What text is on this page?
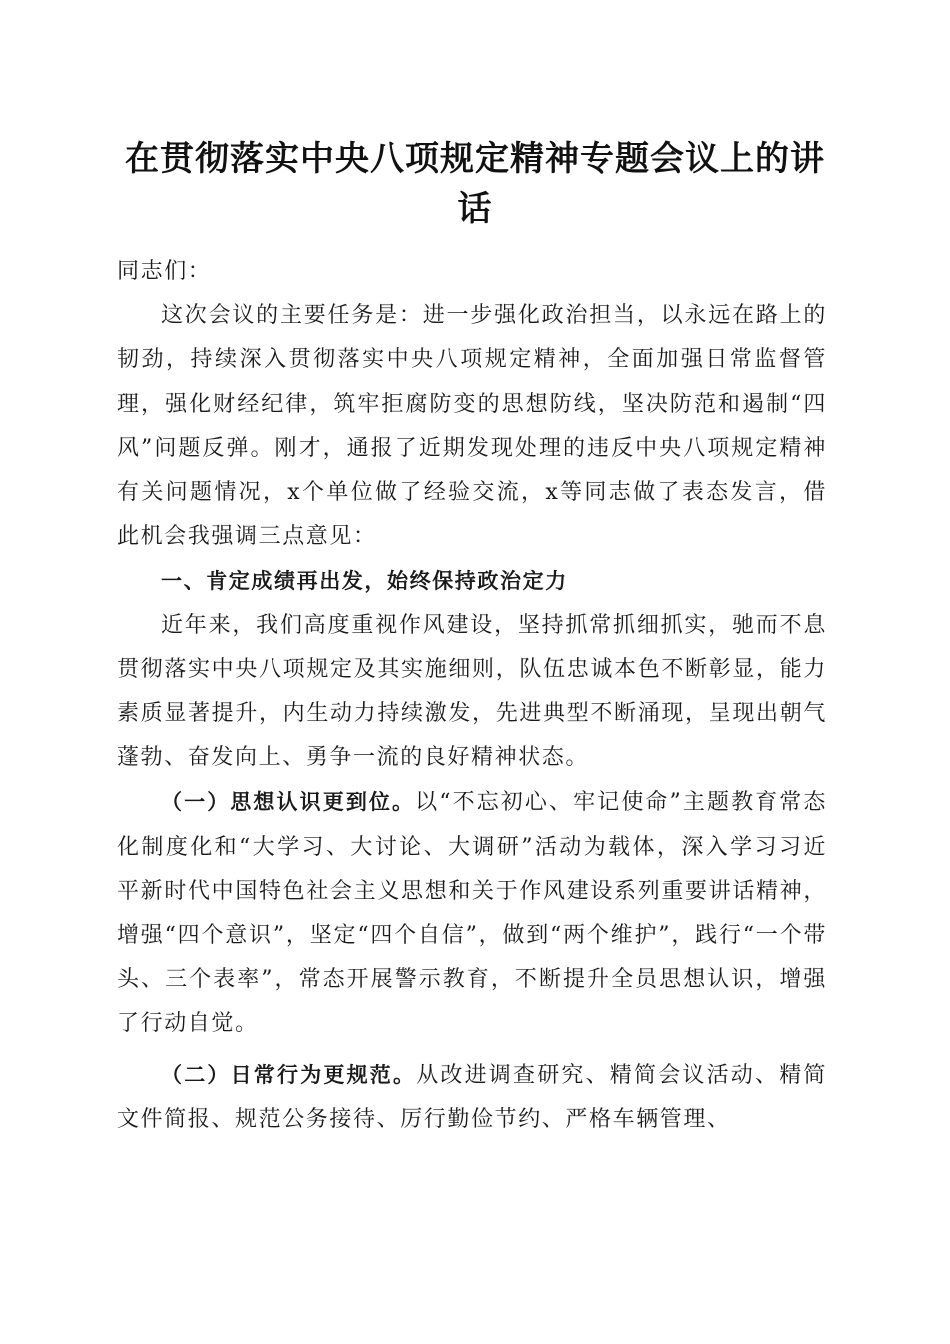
在贯彻落实中央八项规定精神专题会议上的讲话

同志们：

这次会议的主要任务是：进一步强化政治担当，以永远在路上的韧劲，持续深入贯彻落实中央八项规定精神，全面加强日常监督管理，强化财经纪律，筑牢拒腐防变的思想防线，坚决防范和遏制“四风”问题反弹。刚才，通报了近期发现处理的违反中央八项规定精神有关问题情况，x个单位做了经验交流，x等同志做了表态发言，借此机会我强调三点意见：

一、肯定成绩再出发，始终保持政治定力

近年来，我们高度重视作风建设，坚持抓常抓细抓实，驰而不息贯彻落实中央八项规定及其实施细则，队伍忠诚本色不断彰显，能力素质显著提升，内生动力持续激发，先进典型不断涌现，呈现出朝气蓬勃、奋发向上、勇争一流的良好精神状态。

（一）思想认识更到位。以“不忘初心、牢记使命”主题教育常态化制度化和“大学习、大讨论、大调研”活动为载体，深入学习习近平新时代中国特色社会主义思想和关于作风建设系列重要讲话精神，增强“四个意识”，坚定“四个自信”，做到“两个维护”，践行“一个带头、三个表率”，常态开展警示教育，不断提升全员思想认识，增强了行动自觉。

（二）日常行为更规范。从改进调查研究、精简会议活动、精简文件简报、规范公务接待、厉行勤俭节约、严格车辆管理、
